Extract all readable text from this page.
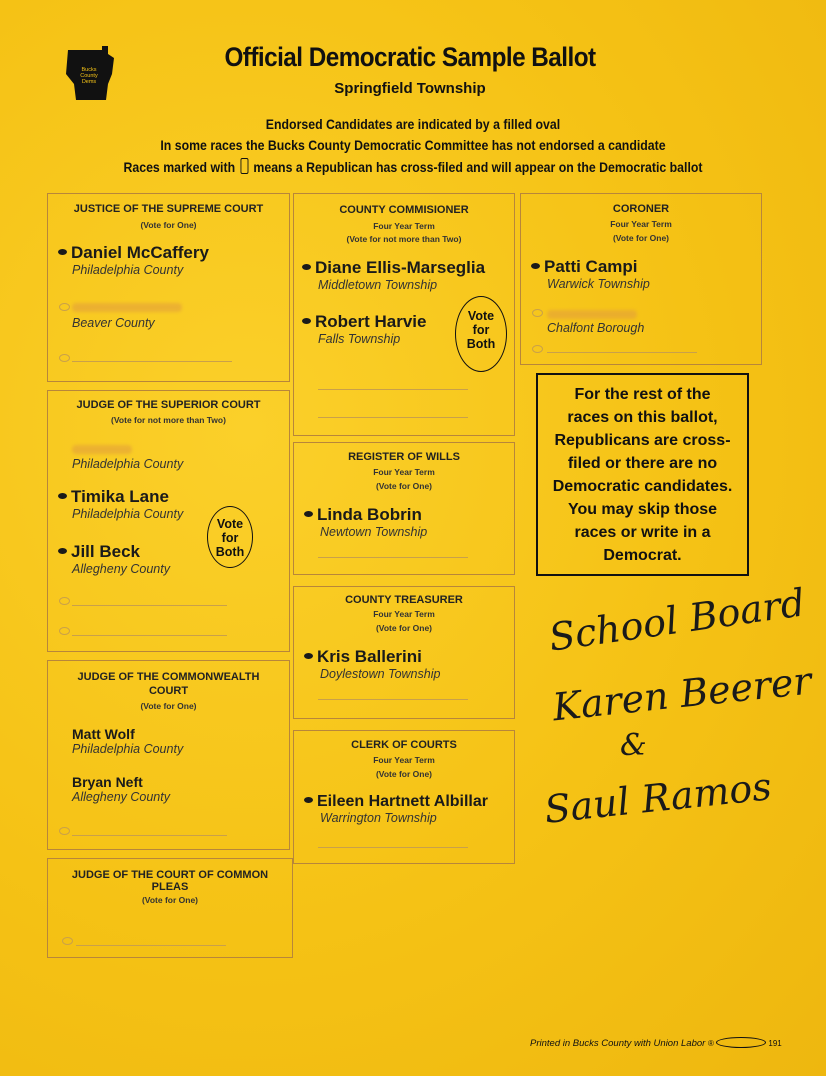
Bucks
County
Dems
Official Democratic Sample Ballot
Springfield Township
Endorsed Candidates are indicated by a filled oval
In some races the Bucks County Democratic Committee has not endorsed a candidate
Races marked with means a Republican has cross-filed and will appear on the Democratic ballot
JUSTICE OF THE SUPREME COURT
(Vote for One)
Daniel McCaffery
Philadelphia County
Beaver County
JUDGE OF THE SUPERIOR COURT
(Vote for not more than Two)
Philadelphia County
Timika Lane
Philadelphia County
Jill Beck
Allegheny County
Vote
for
Both
JUDGE OF THE COMMONWEALTH
COURT
(Vote for One)
Matt Wolf
Philadelphia County
Bryan Neft
Allegheny County
JUDGE OF THE COURT OF COMMON
PLEAS
(Vote for One)
COUNTY COMMISIONER
Four Year Term
(Vote for not more than Two)
Diane Ellis-Marseglia
Middletown Township
Robert Harvie
Falls Township
Vote
for
Both
REGISTER OF WILLS
Four Year Term
(Vote for One)
Linda Bobrin
Newtown Township
COUNTY TREASURER
Four Year Term
(Vote for One)
Kris Ballerini
Doylestown Township
CLERK OF COURTS
Four Year Term
(Vote for One)
Eileen Hartnett Albillar
Warrington Township
CORONER
Four Year Term
(Vote for One)
Patti Campi
Warwick Township
Chalfont Borough
For the rest of the
races on this ballot,
Republicans are cross-
filed or there are no
Democratic candidates.
You may skip those
races or write in a
Democrat.
School Board
Karen Beerer
&
Saul Ramos
Printed in Bucks County with Union Labor ®	191
